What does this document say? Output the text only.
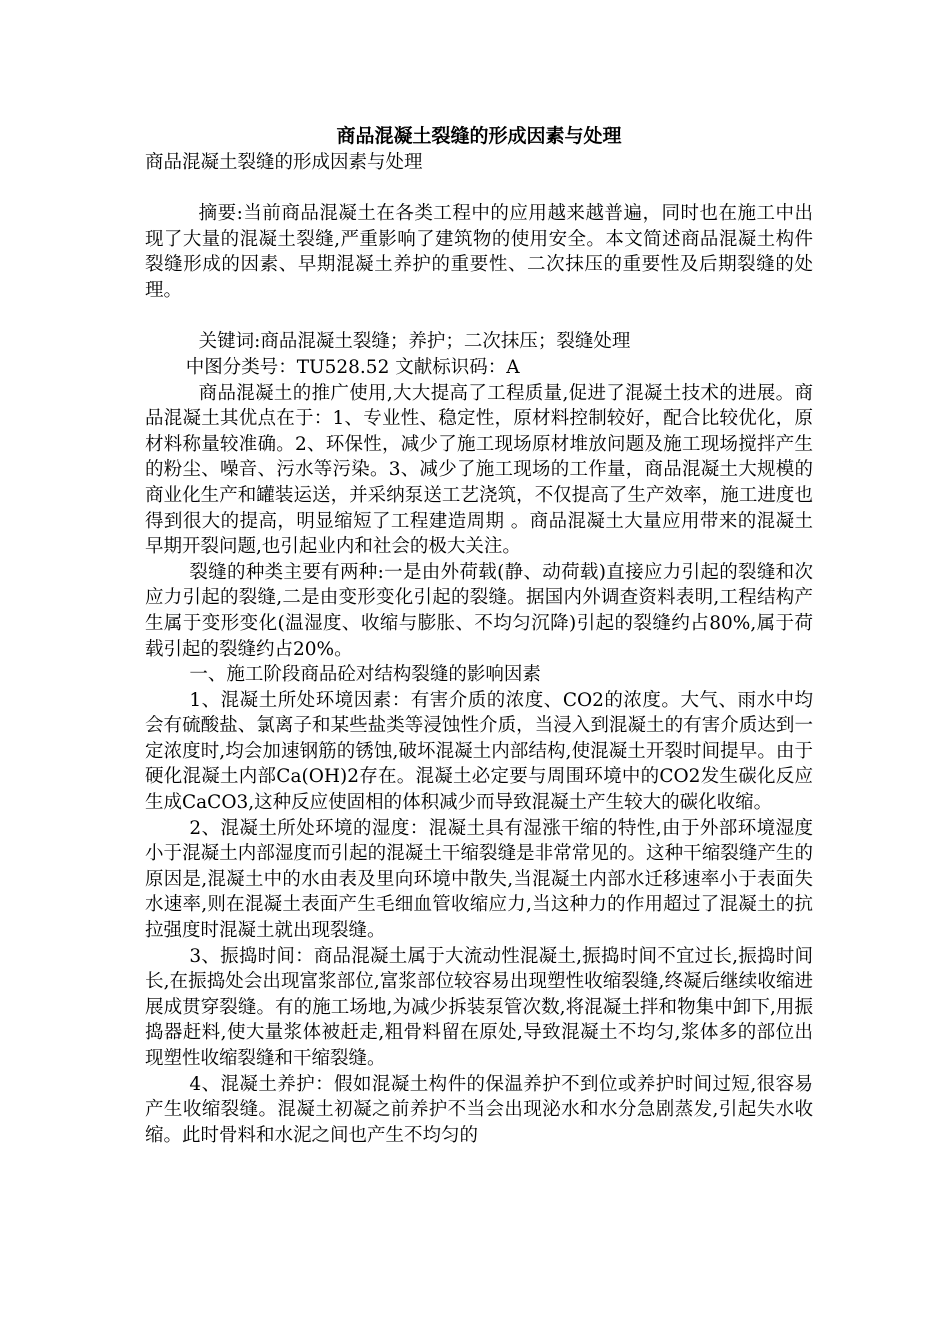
商品混凝土裂缝的形成因素与处理

商品混凝土裂缝的形成因素与处理

摘要:当前商品混凝土在各类工程中的应用越来越普遍，同时也在施工中出现了大量的混凝土裂缝,严重影响了建筑物的使用安全。本文简述商品混凝土构件裂缝形成的因素、早期混凝土养护的重要性、二次抹压的重要性及后期裂缝的处理。

关键词:商品混凝土裂缝；养护；二次抹压；裂缝处理

中图分类号：TU528.52 文献标识码：A

商品混凝土的推广使用,大大提高了工程质量,促进了混凝土技术的进展。商品混凝土其优点在于：1、专业性、稳定性，原材料控制较好，配合比较优化，原材料称量较准确。2、环保性，减少了施工现场原材堆放问题及施工现场搅拌产生的粉尘、噪音、污水等污染。3、减少了施工现场的工作量，商品混凝土大规模的商业化生产和罐装运送，并采纳泵送工艺浇筑，不仅提高了生产效率，施工进度也得到很大的提高，明显缩短了工程建造周期 。商品混凝土大量应用带来的混凝土早期开裂问题,也引起业内和社会的极大关注。

裂缝的种类主要有两种:一是由外荷载(静、动荷载)直接应力引起的裂缝和次应力引起的裂缝,二是由变形变化引起的裂缝。据国内外调查资料表明,工程结构产生属于变形变化(温湿度、收缩与膨胀、不均匀沉降)引起的裂缝约占80%,属于荷载引起的裂缝约占20%。

一、施工阶段商品砼对结构裂缝的影响因素

1、混凝土所处环境因素：有害介质的浓度、CO2的浓度。大气、雨水中均会有硫酸盐、氯离子和某些盐类等浸蚀性介质，当浸入到混凝土的有害介质达到一定浓度时,均会加速钢筋的锈蚀,破坏混凝土内部结构,使混凝土开裂时间提早。由于硬化混凝土内部Ca(OH)2存在。混凝土必定要与周围环境中的CO2发生碳化反应生成CaCO3,这种反应使固相的体积减少而导致混凝土产生较大的碳化收缩。

2、混凝土所处环境的湿度：混凝土具有湿涨干缩的特性,由于外部环境湿度小于混凝土内部湿度而引起的混凝土干缩裂缝是非常常见的。这种干缩裂缝产生的原因是,混凝土中的水由表及里向环境中散失,当混凝土内部水迁移速率小于表面失水速率,则在混凝土表面产生毛细血管收缩应力,当这种力的作用超过了混凝土的抗拉强度时混凝土就出现裂缝。

3、振捣时间：商品混凝土属于大流动性混凝土,振捣时间不宜过长,振捣时间长,在振捣处会出现富浆部位,富浆部位较容易出现塑性收缩裂缝,终凝后继续收缩进展成贯穿裂缝。有的施工场地,为减少拆装泵管次数,将混凝土拌和物集中卸下,用振捣器赶料,使大量浆体被赶走,粗骨料留在原处,导致混凝土不均匀,浆体多的部位出现塑性收缩裂缝和干缩裂缝。

4、混凝土养护：假如混凝土构件的保温养护不到位或养护时间过短,很容易产生收缩裂缝。混凝土初凝之前养护不当会出现泌水和水分急剧蒸发,引起失水收缩。此时骨料和水泥之间也产生不均匀的
